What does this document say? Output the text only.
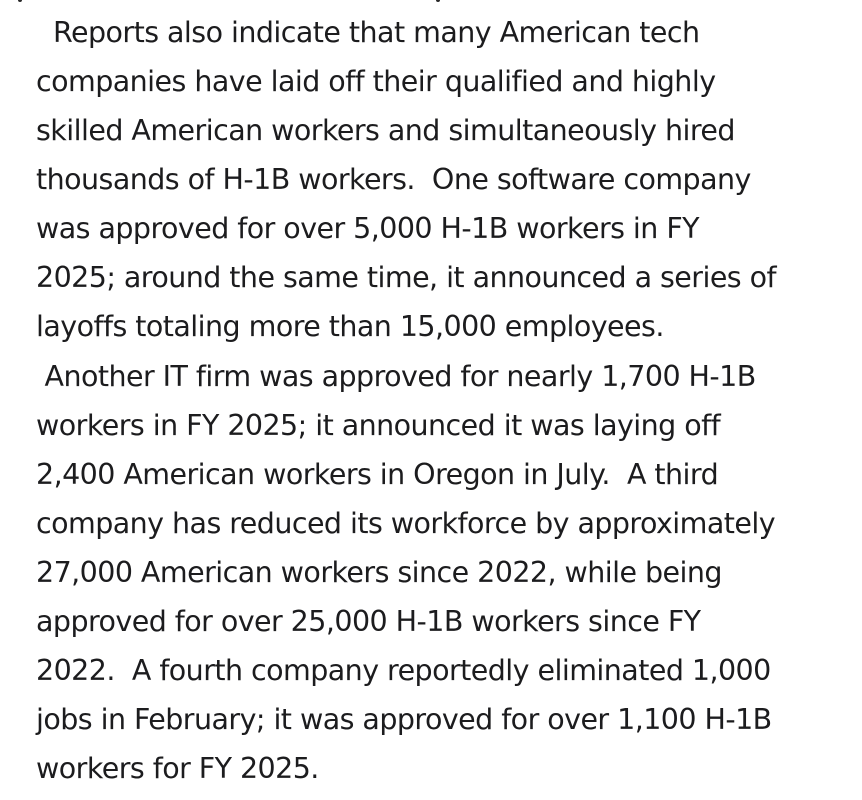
Reports also indicate that many American tech
companies have laid off their qualified and highly
skilled American workers and simultaneously hired
thousands of H-1B workers.  One software company
was approved for over 5,000 H-1B workers in FY
2025; around the same time, it announced a series of
layoffs totaling more than 15,000 employees.
Another IT firm was approved for nearly 1,700 H-1B
workers in FY 2025; it announced it was laying off
2,400 American workers in Oregon in July.  A third
company has reduced its workforce by approximately
27,000 American workers since 2022, while being
approved for over 25,000 H-1B workers since FY
2022.  A fourth company reportedly eliminated 1,000
jobs in February; it was approved for over 1,100 H-1B
workers for FY 2025.
